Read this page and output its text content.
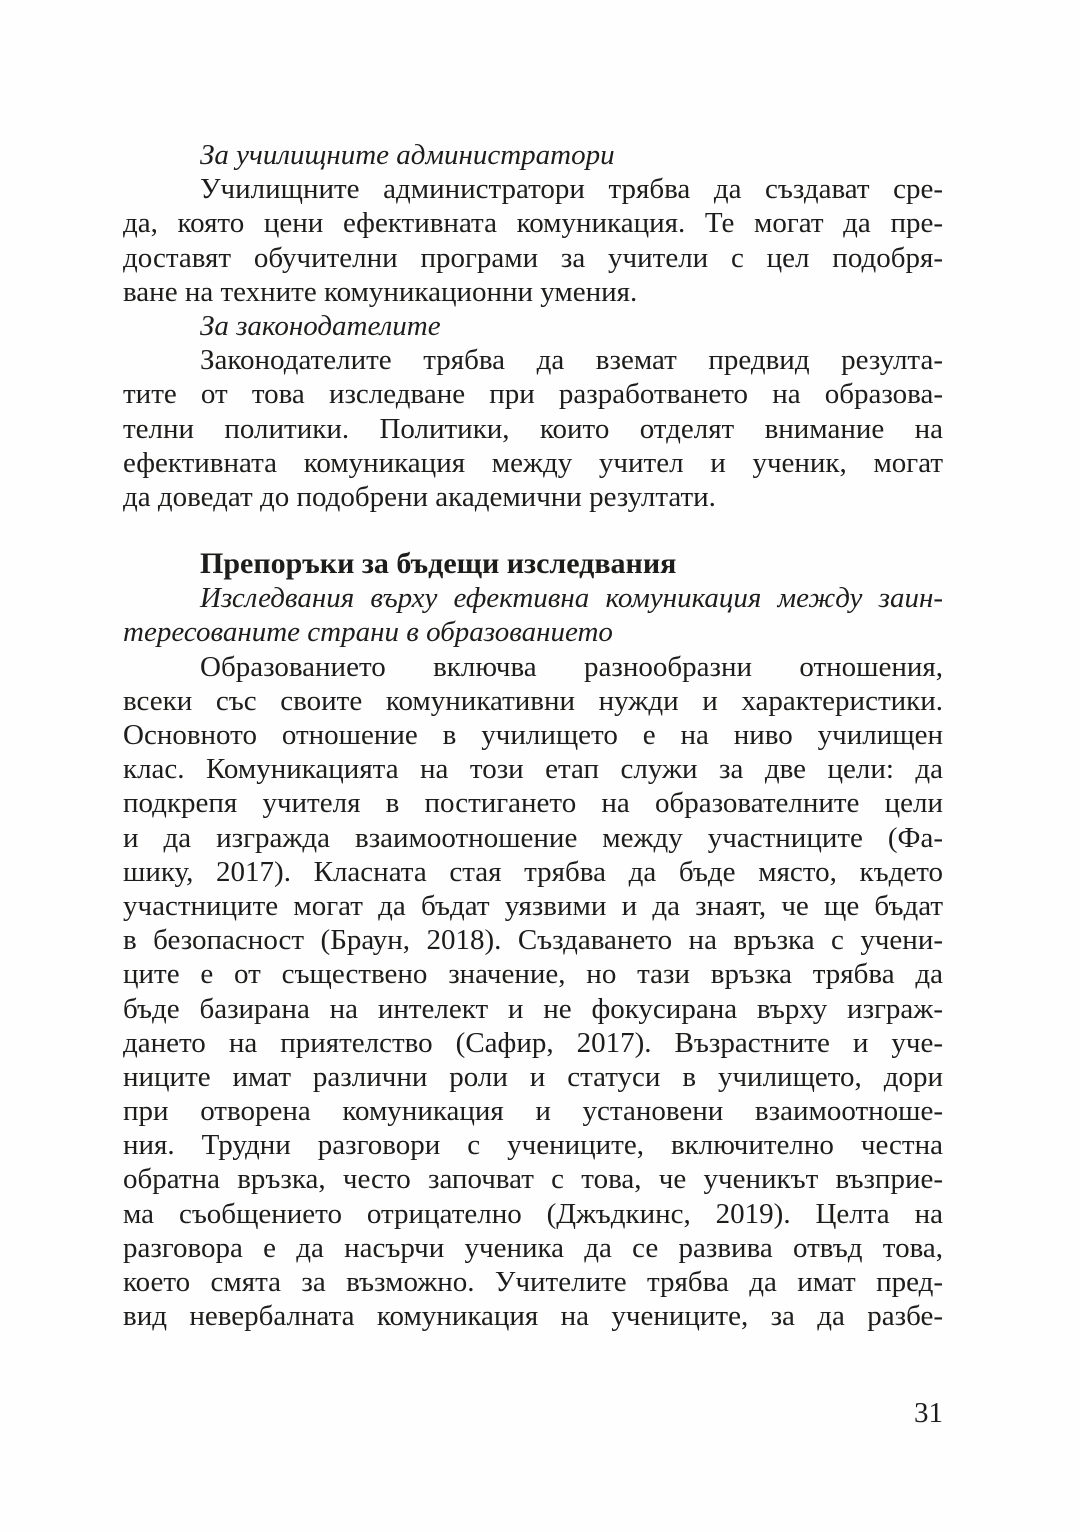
За училищните администратори
Училищните администратори трябва да създават сре-
да, която цени ефективната комуникация. Те могат да пре-
доставят обучителни програми за учители с цел подобря-
ване на техните комуникационни умения.
За законодателите
Законодателите трябва да вземат предвид резулта-
тите от това изследване при разработването на образова-
телни политики. Политики, които отделят внимание на
ефективната комуникация между учител и ученик, могат
да доведат до подобрени академични резултати.
Препоръки за бъдещи изследвания
Изследвания върху ефективна комуникация между заин-
тересованите страни в образованието
Образованието включва разнообразни отношения,
всеки със своите комуникативни нужди и характеристики.
Основното отношение в училището е на ниво училищен
клас. Комуникацията на този етап служи за две цели: да
подкрепя учителя в постигането на образователните цели
и да изгражда взаимоотношение между участниците (Фа-
шику, 2017). Класната стая трябва да бъде място, където
участниците могат да бъдат уязвими и да знаят, че ще бъдат
в безопасност (Браун, 2018). Създаването на връзка с учени-
ците е от съществено значение, но тази връзка трябва да
бъде базирана на интелект и не фокусирана върху изграж-
дането на приятелство (Сафир, 2017). Възрастните и уче-
ниците имат различни роли и статуси в училището, дори
при отворена комуникация и установени взаимоотноше-
ния. Трудни разговори с учениците, включително честна
обратна връзка, често започват с това, че ученикът възприе-
ма съобщението отрицателно (Джъдкинс, 2019). Целта на
разговора е да насърчи ученика да се развива отвъд това,
което смята за възможно. Учителите трябва да имат пред-
вид невербалната комуникация на учениците, за да разбе-
31
